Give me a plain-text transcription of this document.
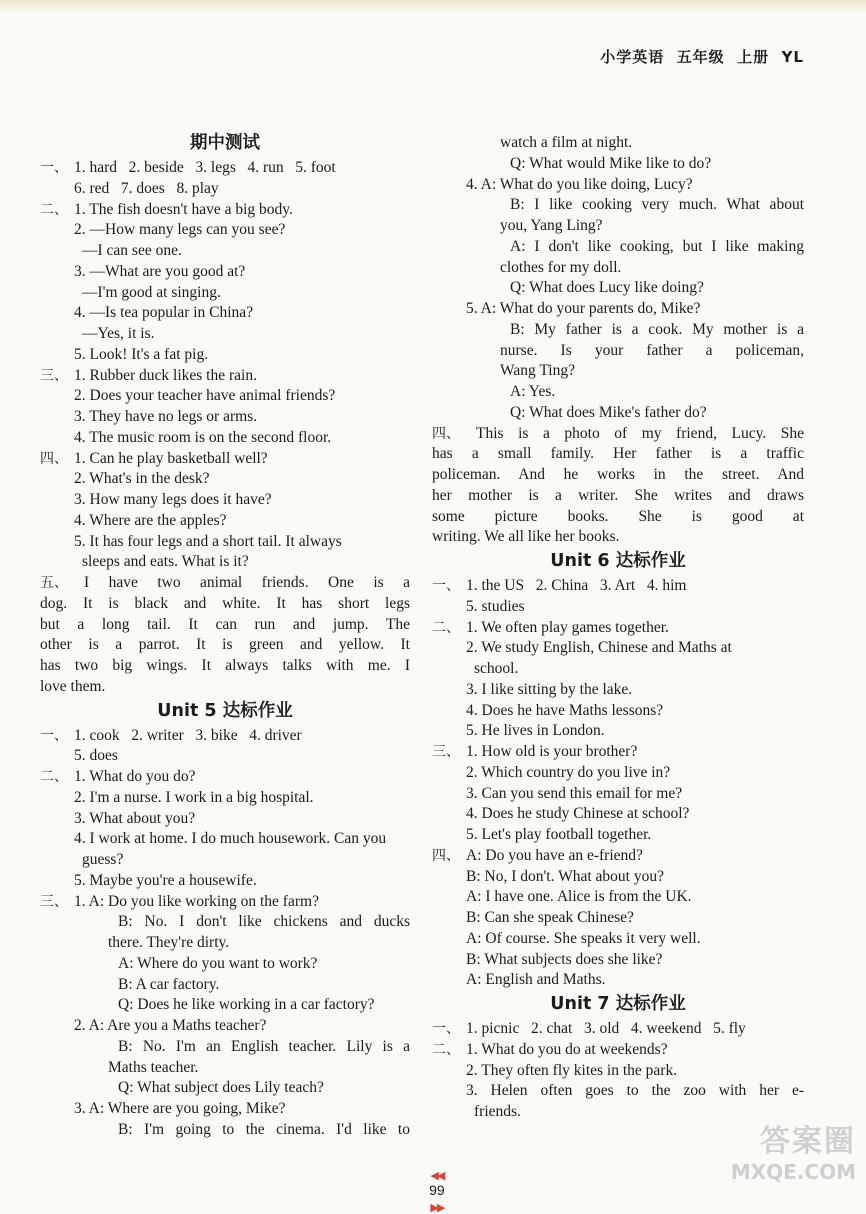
小学英语  五年级  上册  YL
期中测试
一、 1. hard   2. beside   3. legs   4. run   5. foot
6. red   7. does   8. play
二、 1. The fish doesn't have a big body.
2. —How many legs can you see?
—I can see one.
3. —What are you good at?
—I'm good at singing.
4. —Is tea popular in China?
—Yes, it is.
5. Look! It's a fat pig.
三、 1. Rubber duck likes the rain.
2. Does your teacher have animal friends?
3. They have no legs or arms.
4. The music room is on the second floor.
四、 1. Can he play basketball well?
2. What's in the desk?
3. How many legs does it have?
4. Where are the apples?
5. It has four legs and a short tail. It always
sleeps and eats. What is it?
五、	I have two animal friends. One is a
dog. It is black and white. It has short legs
but a long tail. It can run and jump. The
other is a parrot. It is green and yellow. It
has two big wings. It always talks with me. I
love them.
Unit 5 达标作业
一、 1. cook   2. writer   3. bike   4. driver
5. does
二、 1. What do you do?
2. I'm a nurse. I work in a big hospital.
3. What about you?
4. I work at home. I do much housework. Can you
guess?
5. Maybe you're a housewife.
三、 1. A: Do you like working on the farm?
B: No. I don't like chickens and ducks
there. They're dirty.
A: Where do you want to work?
B: A car factory.
Q: Does he like working in a car factory?
2. A: Are you a Maths teacher?
B: No. I'm an English teacher. Lily is a
Maths teacher.
Q: What subject does Lily teach?
3. A: Where are you going, Mike?
B: I'm going to the cinema. I'd like to
watch a film at night.
Q: What would Mike like to do?
4. A: What do you like doing, Lucy?
B: I like cooking very much. What about
you, Yang Ling?
A: I don't like cooking, but I like making
clothes for my doll.
Q: What does Lucy like doing?
5. A: What do your parents do, Mike?
B: My father is a cook. My mother is a
nurse. Is your father a policeman,
Wang Ting?
A: Yes.
Q: What does Mike's father do?
四、	This is a photo of my friend, Lucy. She
has a small family. Her father is a traffic
policeman. And he works in the street. And
her mother is a writer. She writes and draws
some picture books. She is good at
writing. We all like her books.
Unit 6 达标作业
一、 1. the US   2. China   3. Art   4. him
5. studies
二、 1. We often play games together.
2. We study English, Chinese and Maths at
school.
3. I like sitting by the lake.
4. Does he have Maths lessons?
5. He lives in London.
三、 1. How old is your brother?
2. Which country do you live in?
3. Can you send this email for me?
4. Does he study Chinese at school?
5. Let's play football together.
四、 A: Do you have an e-friend?
B: No, I don't. What about you?
A: I have one. Alice is from the UK.
B: Can she speak Chinese?
A: Of course. She speaks it very well.
B: What subjects does she like?
A: English and Maths.
Unit 7 达标作业
一、 1. picnic   2. chat   3. old   4. weekend   5. fly
二、 1. What do you do at weekends?
2. They often fly kites in the park.
3. Helen often goes to the zoo with her e-
friends.

◀◀
99
▶▶

答案圈
MXQE.COM
